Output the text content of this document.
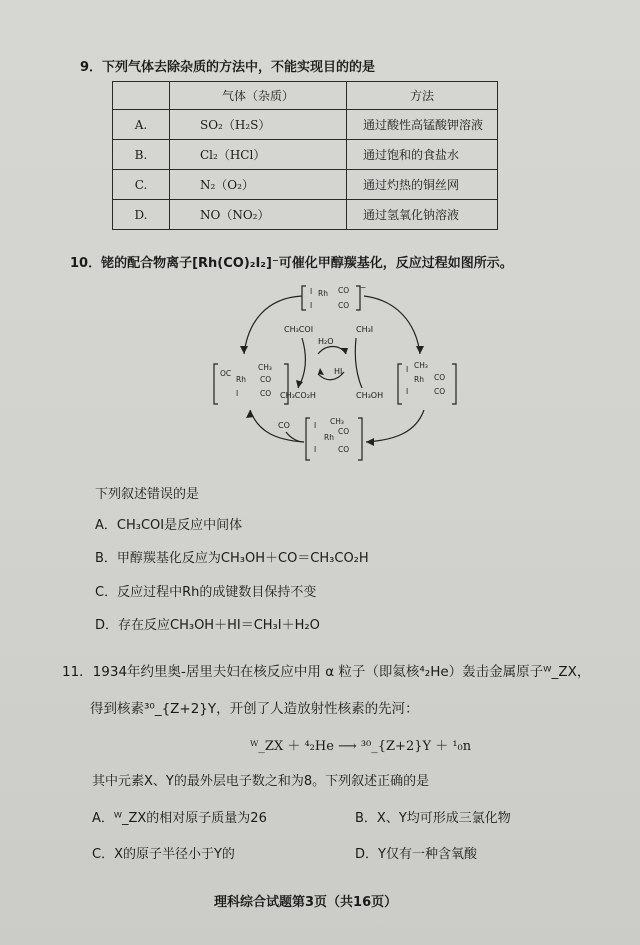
9．下列气体去除杂质的方法中，不能实现目的的是
	气体（杂质）	方法
A.	SO₂（H₂S）	通过酸性高锰酸钾溶液
B.	Cl₂（HCl）	通过饱和的食盐水
C.	N₂（O₂）	通过灼热的铜丝网
D.	NO（NO₂）	通过氢氧化钠溶液
10．铑的配合物离子[Rh(CO)₂I₂]⁻可催化甲醇羰基化，反应过程如图所示。
I Rh CO
I	CO
−
OC
Rh
CH₃
CO
I	CO
I CH₃
Rh CO
I	CO
I CH₃
Rh
CO
I	CO
CH₃COI	CH₃I
H₂O
HI
CH₃CO₂H	CH₃OH
CO
下列叙述错误的是
A．CH₃COI是反应中间体
B．甲醇羰基化反应为CH₃OH＋CO＝CH₃CO₂H
C．反应过程中Rh的成键数目保持不变
D．存在反应CH₃OH＋HI＝CH₃I＋H₂O
11．1934年约里奥-居里夫妇在核反应中用 α 粒子（即氦核⁴₂He）轰击金属原子ᵂ_ZX，
得到核素³⁰_{Z+2}Y，开创了人造放射性核素的先河：
ᵂ_ZX ＋ ⁴₂He ⟶ ³⁰_{Z+2}Y ＋ ¹₀n
其中元素X、Y的最外层电子数之和为8。下列叙述正确的是
A．ᵂ_ZX的相对原子质量为26	B．X、Y均可形成三氯化物
C．X的原子半径小于Y的	D．Y仅有一种含氧酸
理科综合试题第3页（共16页）
